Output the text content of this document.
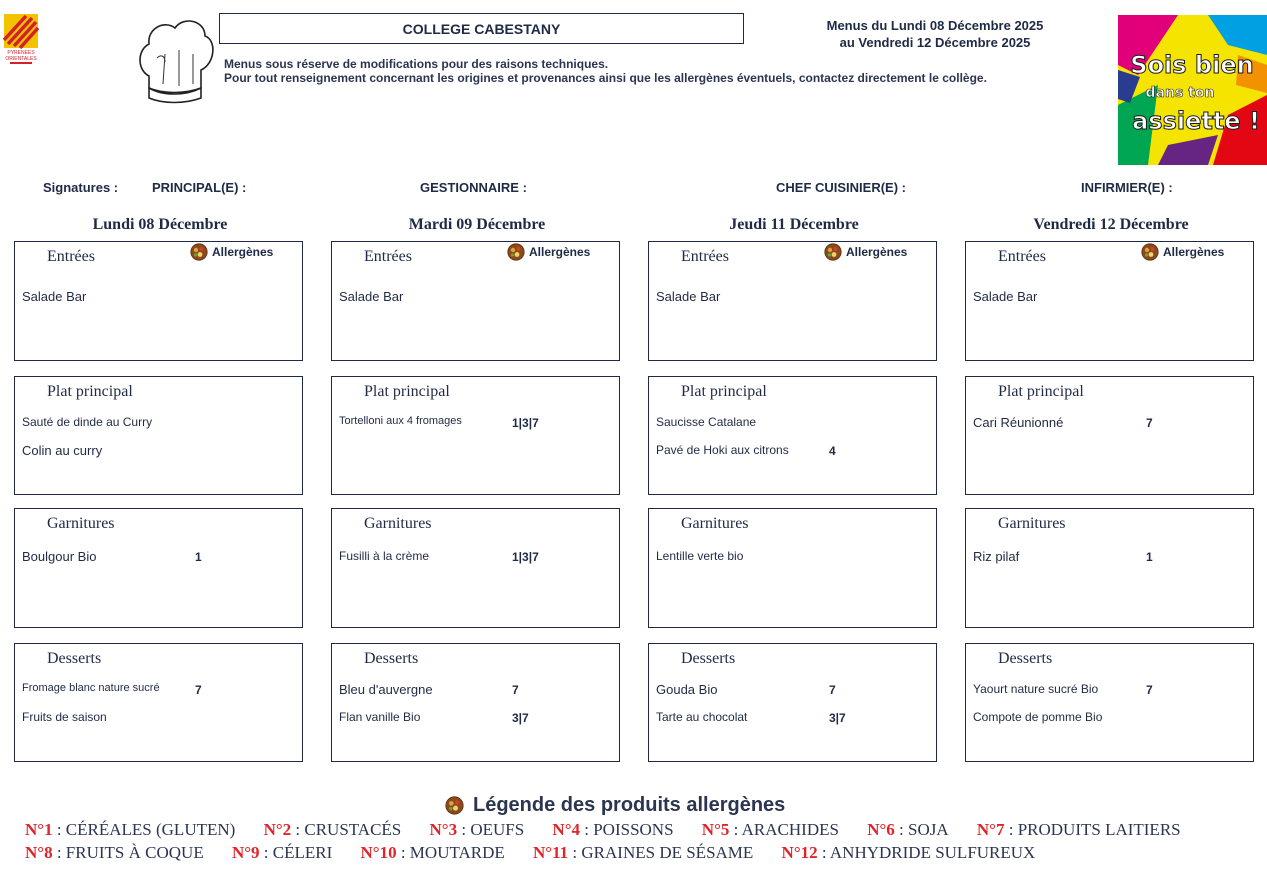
PYRENEES
ORIENTALES
COLLEGE CABESTANY
Menus sous réserve de modifications pour des raisons techniques.
Pour tout renseignement concernant les origines et provenances ainsi que les allergènes éventuels, contactez directement le collège.
Menus du Lundi 08 Décembre 2025
au Vendredi 12 Décembre 2025
Sois bien
dans ton
assiette !
Signatures :	PRINCIPAL(E) :	GESTIONNAIRE :	CHEF CUISINIER(E) :	INFIRMIER(E) :
Lundi 08 Décembre
Entrées	Allergènes
Salade Bar
Plat principal
Sauté de dinde au Curry
Colin au curry
Garnitures
Boulgour Bio	1
Desserts
Fromage blanc nature sucré	7
Fruits de saison
Mardi 09 Décembre
Entrées	Allergènes
Salade Bar
Plat principal
Tortelloni aux 4 fromages	1|3|7
Garnitures
Fusilli à la crème	1|3|7
Desserts
Bleu d'auvergne	7
Flan vanille Bio	3|7
Jeudi 11 Décembre
Entrées	Allergènes
Salade Bar
Plat principal
Saucisse Catalane
Pavé de Hoki aux citrons	4
Garnitures
Lentille verte bio
Desserts
Gouda Bio	7
Tarte au chocolat	3|7
Vendredi 12 Décembre
Entrées	Allergènes
Salade Bar
Plat principal
Cari Réunionné	7
Garnitures
Riz pilaf	1
Desserts
Yaourt nature sucré Bio	7
Compote de pomme Bio
Légende des produits allergènes
N°1 : CÉRÉALES (GLUTEN) N°2 : CRUSTACÉS N°3 : OEUFS N°4 : POISSONS N°5 : ARACHIDES N°6 : SOJA N°7 : PRODUITS LAITIERS N°8 : FRUITS À COQUE N°9 : CÉLERI N°10 : MOUTARDE N°11 : GRAINES DE SÉSAME N°12 : ANHYDRIDE SULFUREUX
